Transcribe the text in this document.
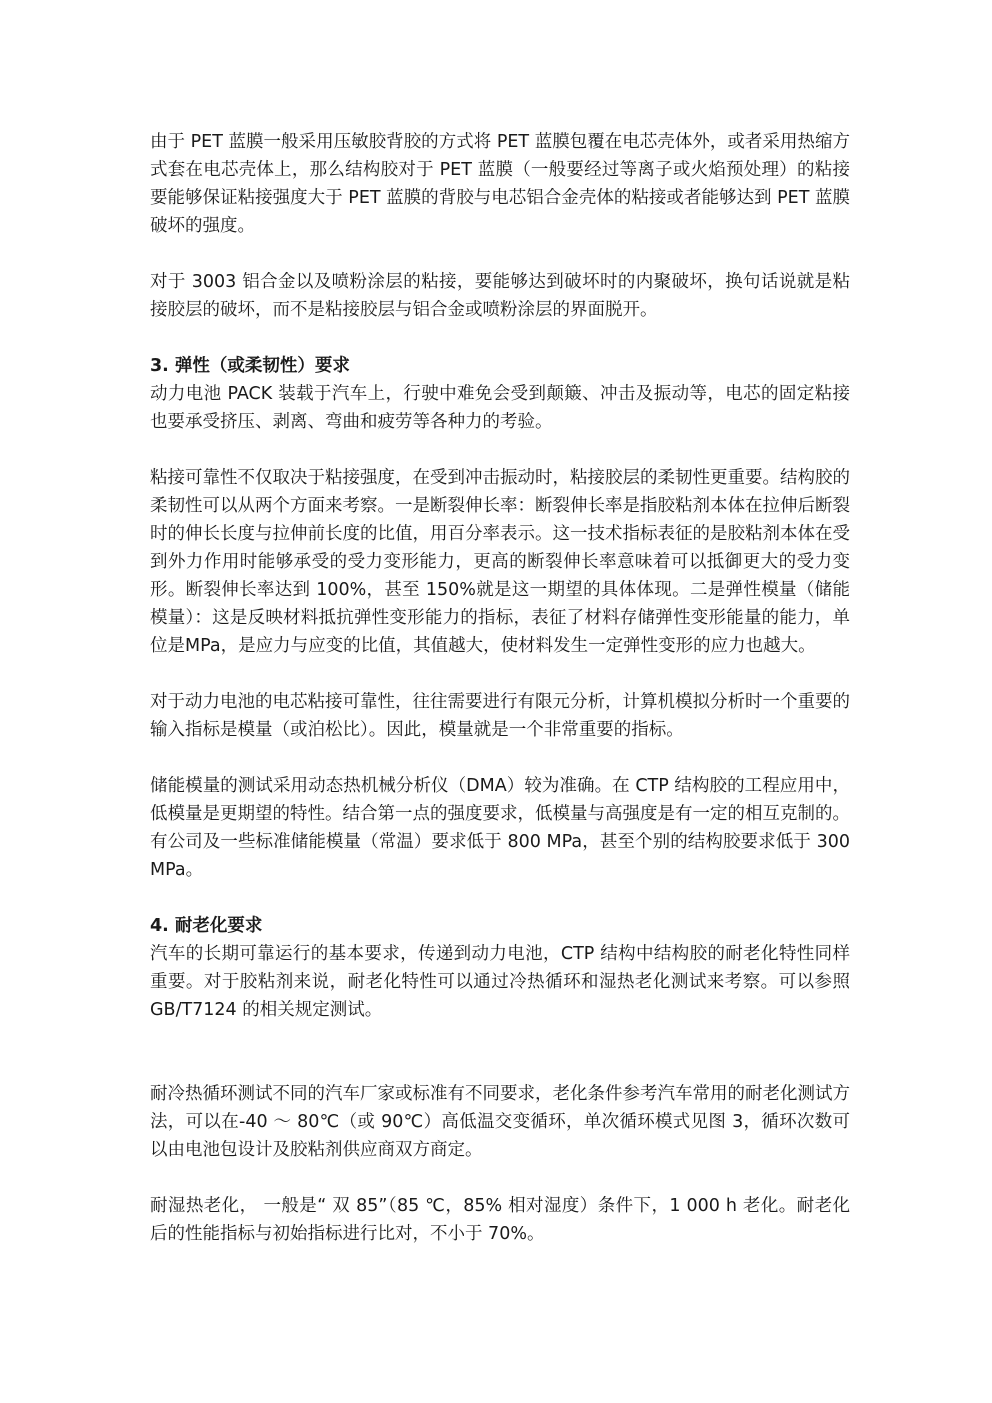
由于 PET 蓝膜一般采用压敏胶背胶的方式将 PET 蓝膜包覆在电芯壳体外，或者采用热缩方式套在电芯壳体上，那么结构胶对于 PET 蓝膜（一般要经过等离子或火焰预处理）的粘接要能够保证粘接强度大于 PET 蓝膜的背胶与电芯铝合金壳体的粘接或者能够达到 PET 蓝膜破坏的强度。

对于 3003 铝合金以及喷粉涂层的粘接，要能够达到破坏时的内聚破坏，换句话说就是粘接胶层的破坏，而不是粘接胶层与铝合金或喷粉涂层的界面脱开。

3. 弹性（或柔韧性）要求

动力电池 PACK 装载于汽车上，行驶中难免会受到颠簸、冲击及振动等，电芯的固定粘接也要承受挤压、剥离、弯曲和疲劳等各种力的考验。

粘接可靠性不仅取决于粘接强度，在受到冲击振动时，粘接胶层的柔韧性更重要。结构胶的柔韧性可以从两个方面来考察。一是断裂伸长率：断裂伸长率是指胶粘剂本体在拉伸后断裂时的伸长长度与拉伸前长度的比值，用百分率表示。这一技术指标表征的是胶粘剂本体在受到外力作用时能够承受的受力变形能力，更高的断裂伸长率意味着可以抵御更大的受力变形。断裂伸长率达到 100%，甚至 150%就是这一期望的具体体现。二是弹性模量（储能模量）：这是反映材料抵抗弹性变形能力的指标，表征了材料存储弹性变形能量的能力，单位是MPa，是应力与应变的比值，其值越大，使材料发生一定弹性变形的应力也越大。

对于动力电池的电芯粘接可靠性，往往需要进行有限元分析，计算机模拟分析时一个重要的输入指标是模量（或泊松比）。因此，模量就是一个非常重要的指标。

储能模量的测试采用动态热机械分析仪（DMA）较为准确。在 CTP 结构胶的工程应用中，低模量是更期望的特性。结合第一点的强度要求，低模量与高强度是有一定的相互克制的。有公司及一些标准储能模量（常温）要求低于 800 MPa，甚至个别的结构胶要求低于 300 MPa。

4. 耐老化要求

汽车的长期可靠运行的基本要求，传递到动力电池，CTP 结构中结构胶的耐老化特性同样重要。对于胶粘剂来说，耐老化特性可以通过冷热循环和湿热老化测试来考察。可以参照 GB/T7124 的相关规定测试。

耐冷热循环测试不同的汽车厂家或标准有不同要求，老化条件参考汽车常用的耐老化测试方法，可以在-40 ～ 80℃（或 90℃）高低温交变循环，单次循环模式见图 3，循环次数可以由电池包设计及胶粘剂供应商双方商定。

耐湿热老化， 一般是“ 双 85”（85 ℃，85% 相对湿度）条件下，1 000 h 老化。耐老化后的性能指标与初始指标进行比对，不小于 70%。
